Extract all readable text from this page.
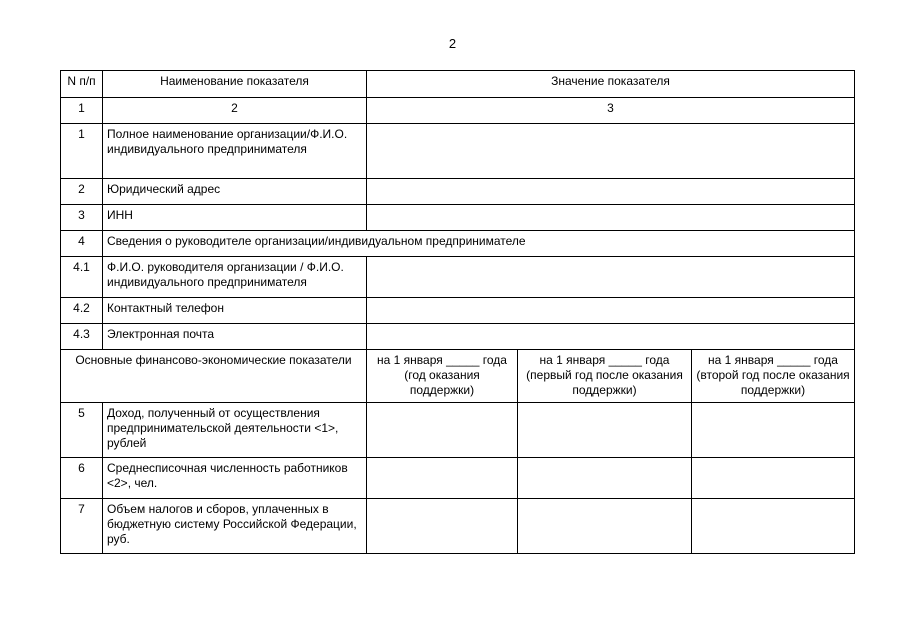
2
N п/п	Наименование показателя	Значение показателя		
1	2	3		
1	Полное наименование организации/Ф.И.О. индивидуального предпринимателя			
2	Юридический адрес			
3	ИНН			
4	Сведения о руководителе организации/индивидуальном предпринимателе			
4.1	Ф.И.О. руководителя организации / Ф.И.О. индивидуального предпринимателя			
4.2	Контактный телефон			
4.3	Электронная почта			
Основные финансово-экономические показатели		на 1 января _____ года (год оказания поддержки)	на 1 января _____ года (первый год после оказания поддержки)	на 1 января _____ года (второй год после оказания поддержки)
5	Доход, полученный от осуществления предпринимательской деятельности <1>, рублей			
6	Среднесписочная численность работников <2>, чел.			
7	Объем налогов и сборов, уплаченных в бюджетную систему Российской Федерации, руб.			
